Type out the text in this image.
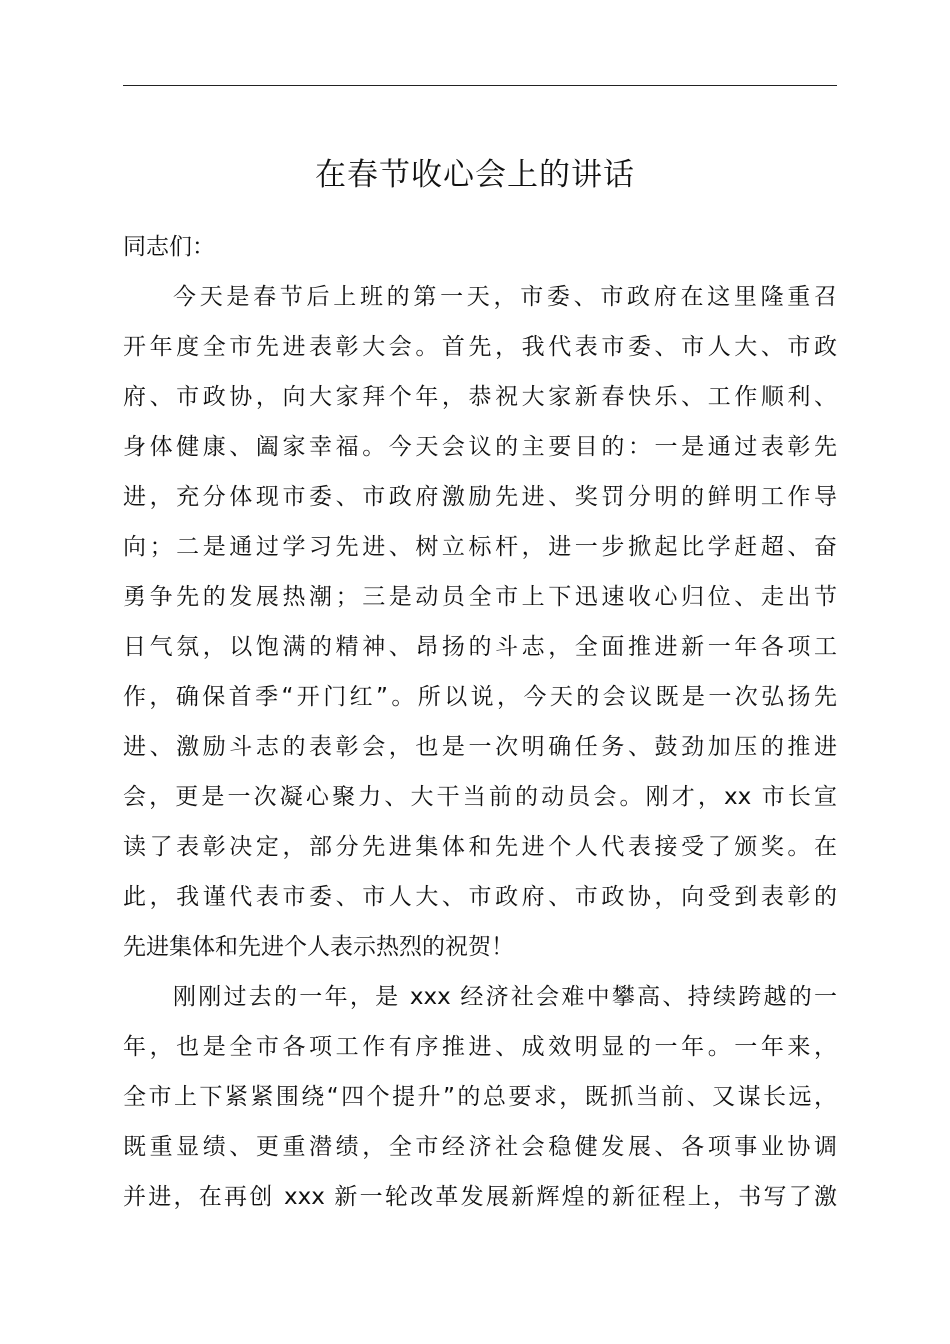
在春节收心会上的讲话
同志们：
今天是春节后上班的第一天，市委、市政府在这里隆重召
开年度全市先进表彰大会。首先，我代表市委、市人大、市政
府、市政协，向大家拜个年，恭祝大家新春快乐、工作顺利、
身体健康、阖家幸福。今天会议的主要目的：一是通过表彰先
进，充分体现市委、市政府激励先进、奖罚分明的鲜明工作导
向；二是通过学习先进、树立标杆，进一步掀起比学赶超、奋
勇争先的发展热潮；三是动员全市上下迅速收心归位、走出节
日气氛，以饱满的精神、昂扬的斗志，全面推进新一年各项工
作，确保首季“开门红”。所以说，今天的会议既是一次弘扬先
进、激励斗志的表彰会，也是一次明确任务、鼓劲加压的推进
会，更是一次凝心聚力、大干当前的动员会。刚才，xx 市长宣
读了表彰决定，部分先进集体和先进个人代表接受了颁奖。在
此，我谨代表市委、市人大、市政府、市政协，向受到表彰的
先进集体和先进个人表示热烈的祝贺！
刚刚过去的一年，是 xxx 经济社会难中攀高、持续跨越的一
年，也是全市各项工作有序推进、成效明显的一年。一年来，
全市上下紧紧围绕“四个提升”的总要求，既抓当前、又谋长远，
既重显绩、更重潜绩，全市经济社会稳健发展、各项事业协调
并进，在再创 xxx 新一轮改革发展新辉煌的新征程上，书写了激
